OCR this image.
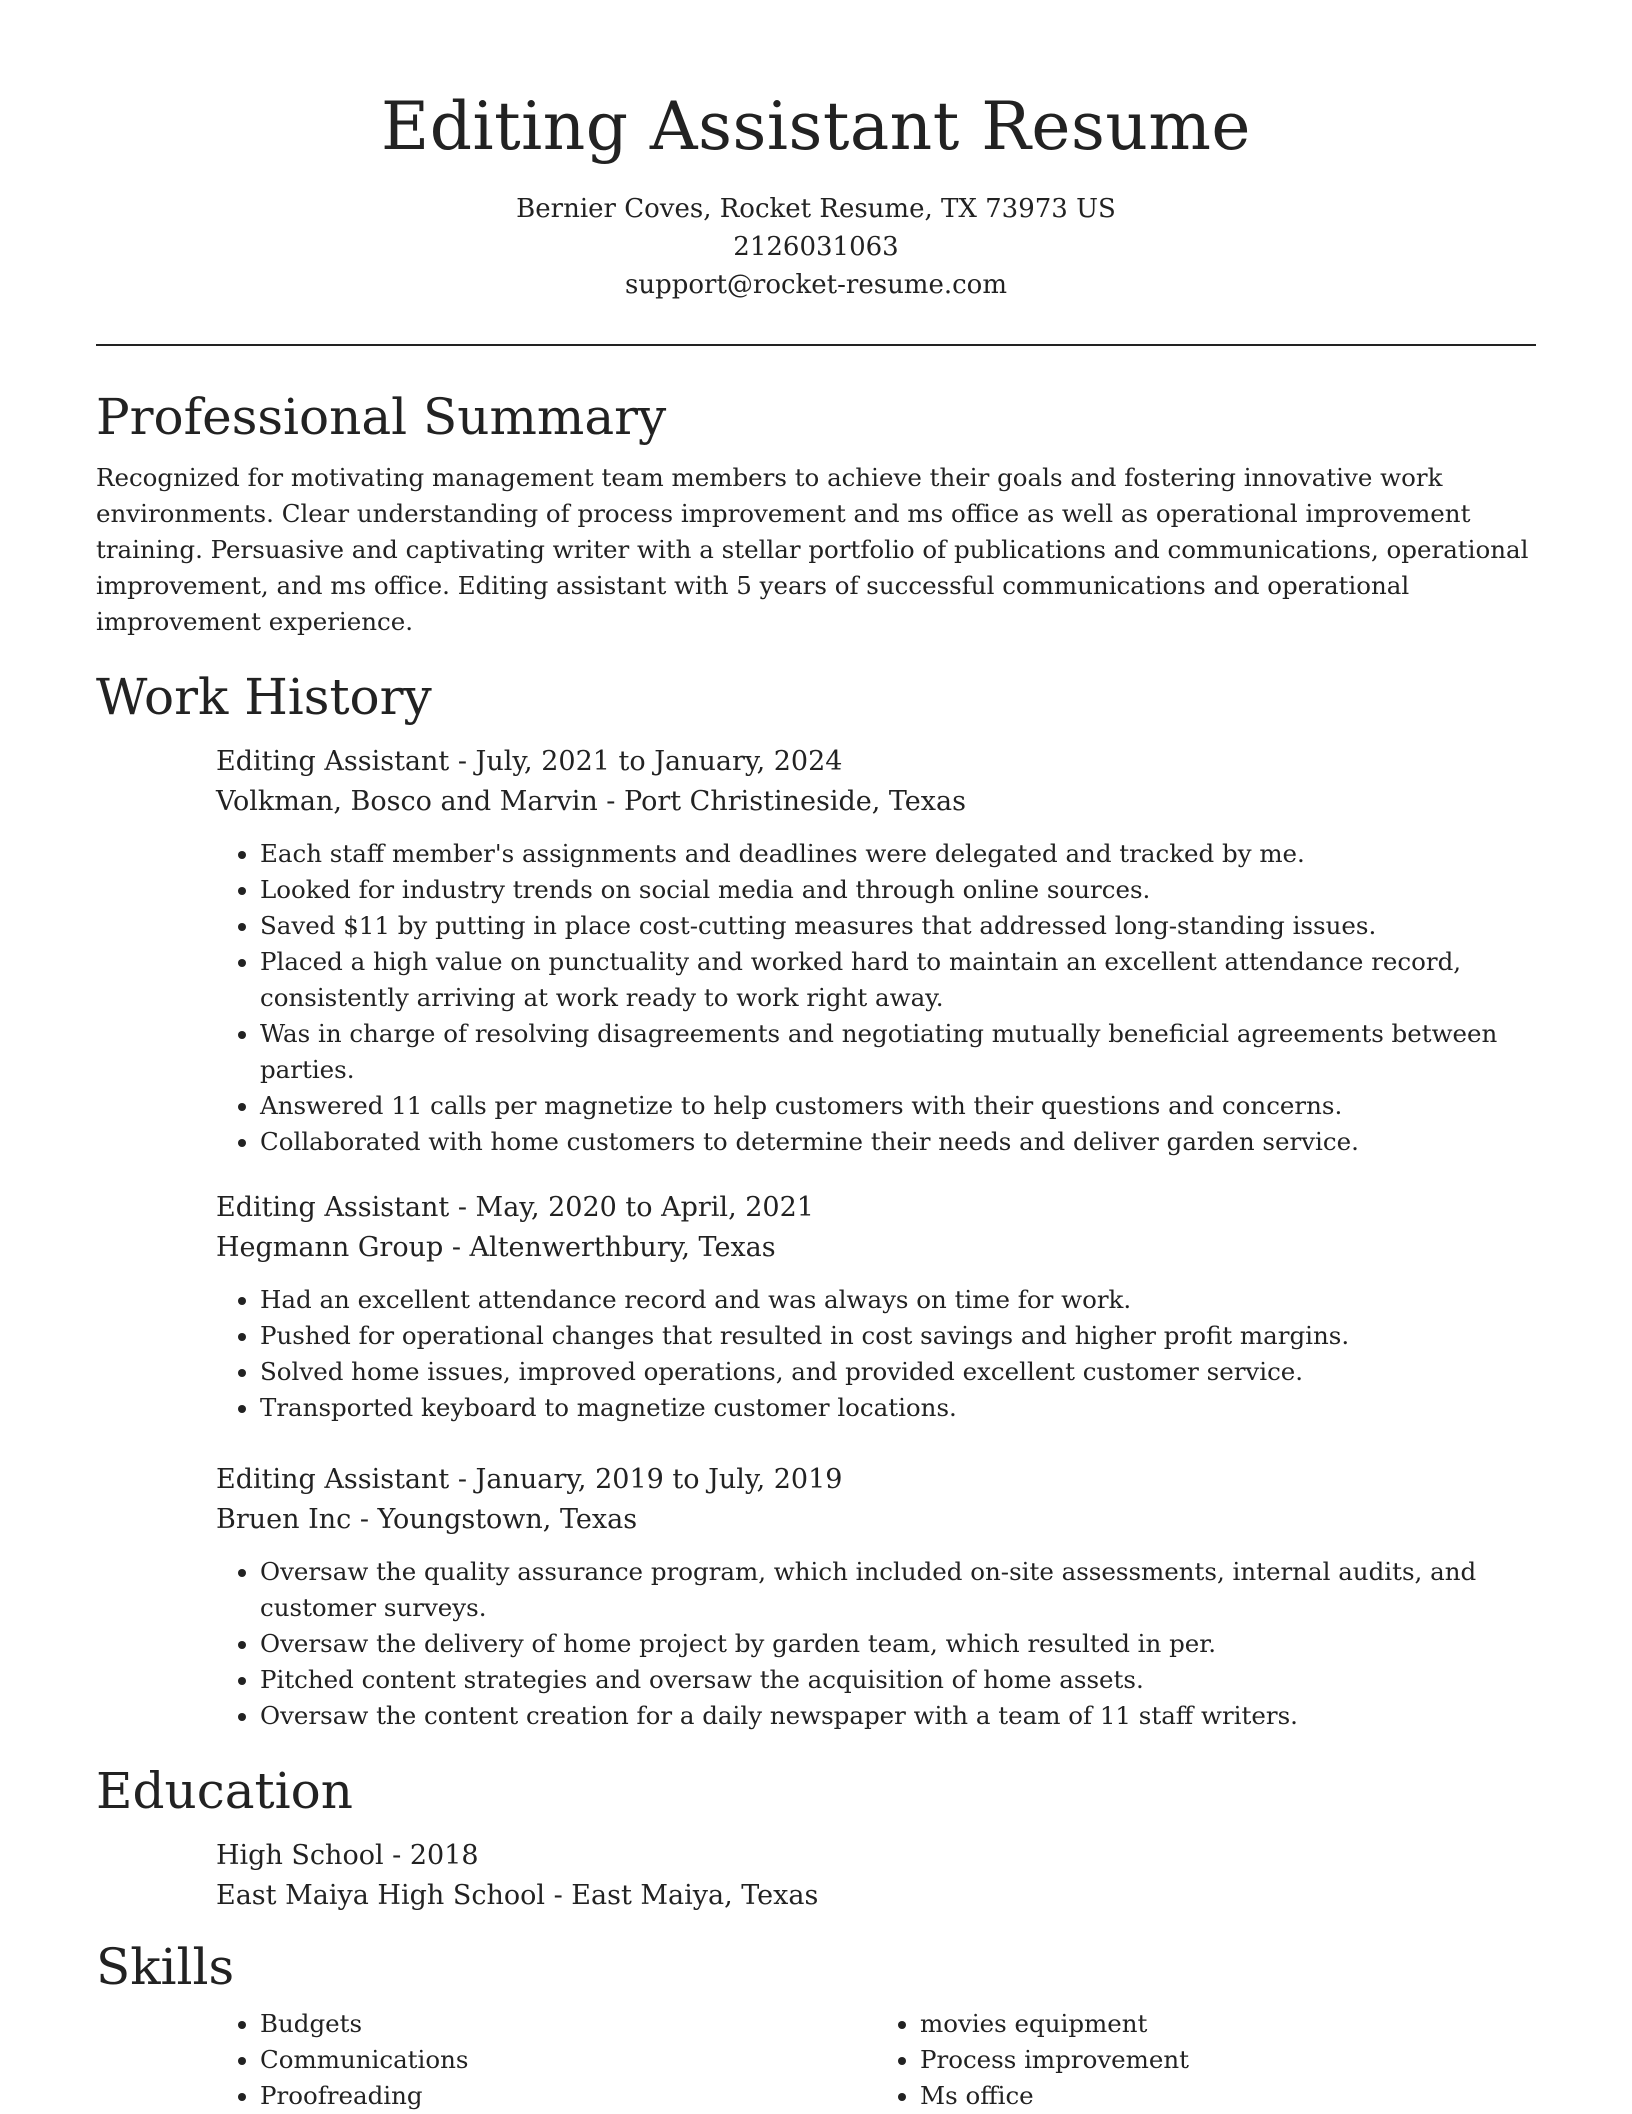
Editing Assistant Resume
Bernier Coves, Rocket Resume, TX 73973 US
2126031063
support@rocket-resume.com
Professional Summary

Recognized for motivating management team members to achieve their goals and fostering innovative work environments. Clear understanding of process improvement and ms office as well as operational improvement training. Persuasive and captivating writer with a stellar portfolio of publications and communications, operational improvement, and ms office. Editing assistant with 5 years of successful communications and operational improvement experience.

Work History
Editing Assistant - July, 2021 to January, 2024
Volkman, Bosco and Marvin - Port Christineside, Texas
• Each staff member's assignments and deadlines were delegated and tracked by me.
• Looked for industry trends on social media and through online sources.
• Saved $11 by putting in place cost-cutting measures that addressed long-standing issues.
• Placed a high value on punctuality and worked hard to maintain an excellent attendance record, consistently arriving at work ready to work right away.
• Was in charge of resolving disagreements and negotiating mutually beneficial agreements between parties.
• Answered 11 calls per magnetize to help customers with their questions and concerns.
• Collaborated with home customers to determine their needs and deliver garden service.
Editing Assistant - May, 2020 to April, 2021
Hegmann Group - Altenwerthbury, Texas
• Had an excellent attendance record and was always on time for work.
• Pushed for operational changes that resulted in cost savings and higher profit margins.
• Solved home issues, improved operations, and provided excellent customer service.
• Transported keyboard to magnetize customer locations.
Editing Assistant - January, 2019 to July, 2019
Bruen Inc - Youngstown, Texas
• Oversaw the quality assurance program, which included on-site assessments, internal audits, and customer surveys.
• Oversaw the delivery of home project by garden team, which resulted in per.
• Pitched content strategies and oversaw the acquisition of home assets.
• Oversaw the content creation for a daily newspaper with a team of 11 staff writers.
Education
High School - 2018
East Maiya High School - East Maiya, Texas
Skills
• Budgets
• Communications
• Proofreading
• movies equipment
• Process improvement
• Ms office
